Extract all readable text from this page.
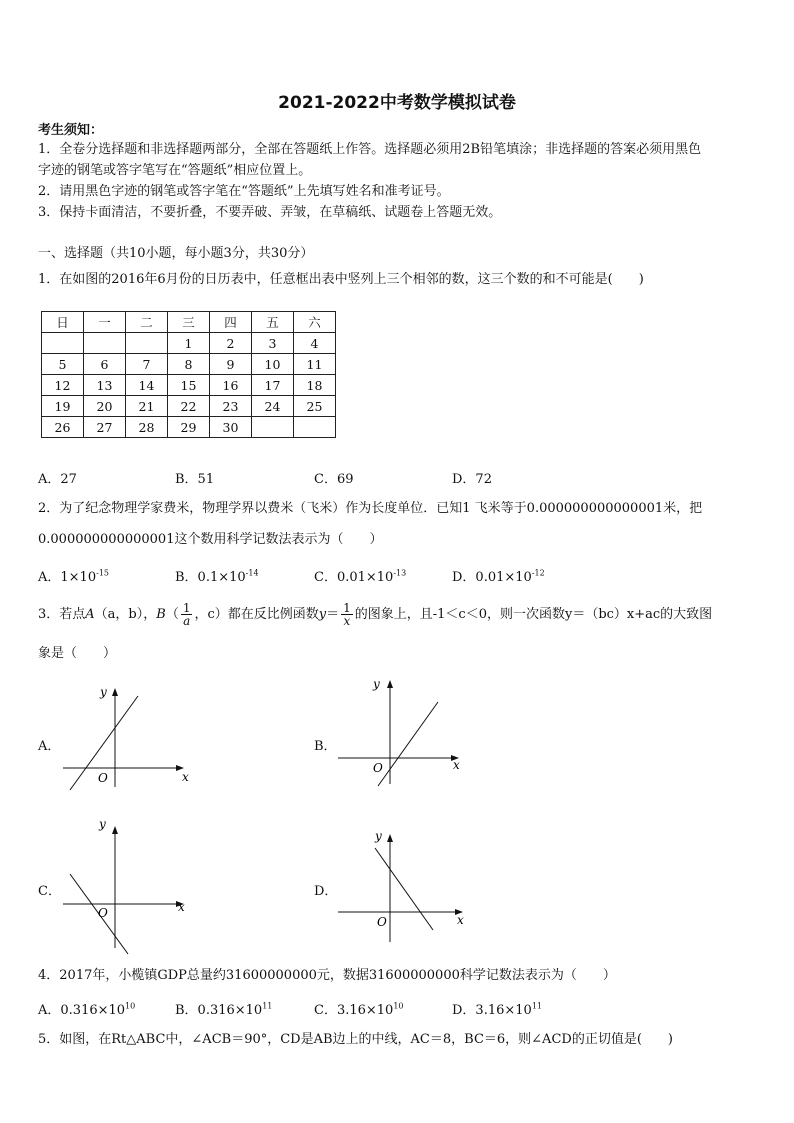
2021-2022中考数学模拟试卷
考生须知：
1．全卷分选择题和非选择题两部分，全部在答题纸上作答。选择题必须用2B铅笔填涂；非选择题的答案必须用黑色
字迹的钢笔或答字笔写在“答题纸”相应位置上。
2．请用黑色字迹的钢笔或答字笔在“答题纸”上先填写姓名和准考证号。
3．保持卡面清洁，不要折叠，不要弄破、弄皱，在草稿纸、试题卷上答题无效。
一、选择题（共10小题，每小题3分，共30分）
1．在如图的2016年6月份的日历表中，任意框出表中竖列上三个相邻的数，这三个数的和不可能是(　　)
日	一	二	三	四	五	六
			1	2	3	4
5	6	7	8	9	10	11
12	13	14	15	16	17	18
19	20	21	22	23	24	25
26	27	28	29	30		
A．27	B．51	C．69	D．72
2．为了纪念物理学家费米，物理学界以费米（飞米）作为长度单位．已知1 飞米等于0.000000000000001米，把
0.000000000000001这个数用科学记数法表示为（　　）
A．$1\times 10^{-15}$	B．$0.1\times 10^{-14}$	C．$0.01\times 10^{-13}$	D．$0.01\times 10^{-12}$
3．若点A（a，b），$B( \frac{1}{a}$ ，c）都在反比例函数$y= \frac{1}{x}$ 的图象上，且-1＜c＜0，则一次函数y＝（bc）x+ac的大致图
象是（　　）
A．	B．
C．	D．
x
y
O
x
y
O
x
y
O	x
y
O
4．2017年，小榄镇GDP总量约31600000000元，数据31600000000科学记数法表示为（　　）
A．$0.316\times 10^{10}$	B．$0.316\times 10^{11}$	C．$3.16\times 10^{10}$	D．$3.16\times 10^{11}$
5．如图，在Rt△ABC中，∠ACB＝90°，CD是AB边上的中线，AC＝8，BC＝6，则∠ACD的正切值是(　　)
